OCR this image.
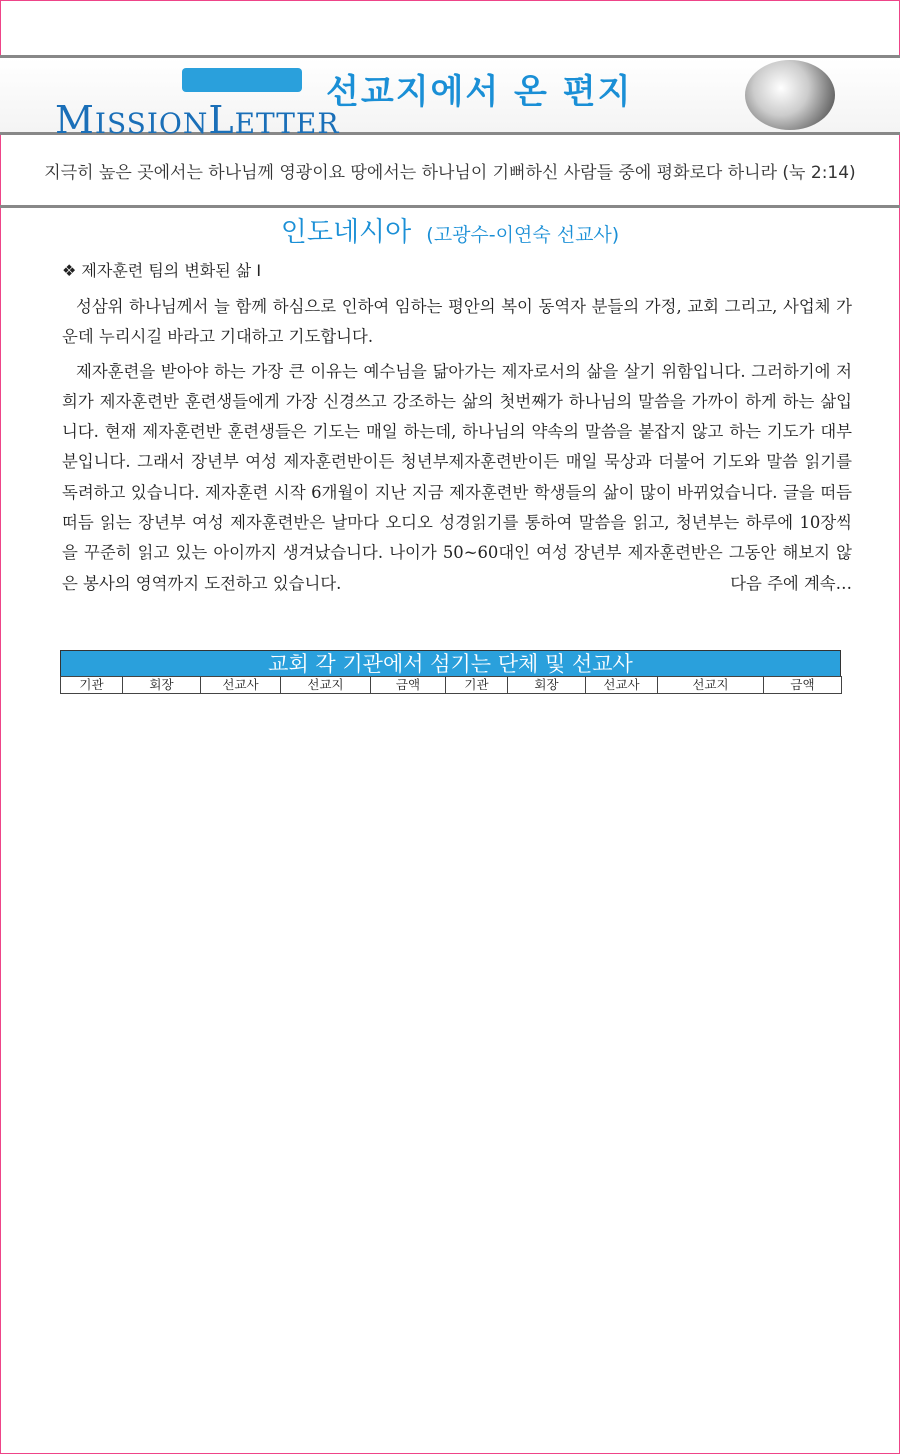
MISSIONLETTER
선교지에서 온 편지
지극히 높은 곳에서는 하나님께 영광이요 땅에서는 하나님이 기뻐하신 사람들 중에 평화로다 하니라 (눅 2:14)
인도네시아 (고광수-이연숙 선교사)
❖ 제자훈련 팀의 변화된 삶 I

성삼위 하나님께서 늘 함께 하심으로 인하여 임하는 평안의 복이 동역자 분들의 가정, 교회 그리고, 사업체 가운데 누리시길 바라고 기대하고 기도합니다.

제자훈련을 받아야 하는 가장 큰 이유는 예수님을 닮아가는 제자로서의 삶을 살기 위함입니다. 그러하기에 저희가 제자훈련반 훈련생들에게 가장 신경쓰고 강조하는 삶의 첫번째가 하나님의 말씀을 가까이 하게 하는 삶입니다. 현재 제자훈련반 훈련생들은 기도는 매일 하는데, 하나님의 약속의 말씀을 붙잡지 않고 하는 기도가 대부분입니다. 그래서 장년부 여성 제자훈련반이든 청년부제자훈련반이든 매일 묵상과 더불어 기도와 말씀 읽기를 독려하고 있습니다. 제자훈련 시작 6개월이 지난 지금 제자훈련반 학생들의 삶이 많이 바뀌었습니다. 글을 떠듬떠듬 읽는 장년부 여성 제자훈련반은 날마다 오디오 성경읽기를 통하여 말씀을 읽고, 청년부는 하루에 10장씩을 꾸준히 읽고 있는 아이까지 생겨났습니다. 나이가 50~60대인 여성 장년부 제자훈련반은 그동안 해보지 않은 봉사의 영역까지 도전하고 있습니다.	다음 주에 계속…

교회 각 기관에서 섬기는 단체 및 선교사
기관	회장	선교사	선교지	금액	기관	회장	선교사	선교지	금액
